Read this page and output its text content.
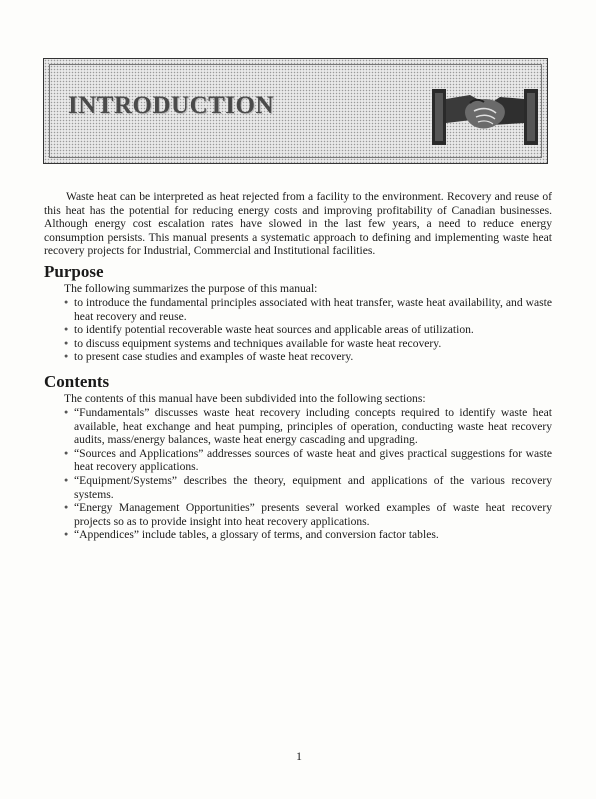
INTRODUCTION

Waste heat can be interpreted as heat rejected from a facility to the environment. Recovery and reuse of this heat has the potential for reducing energy costs and improving profitability of Canadian businesses. Although energy cost escalation rates have slowed in the last few years, a need to reduce energy consumption persists. This manual presents a systematic approach to defining and implementing waste heat recovery projects for Industrial, Commercial and Institutional facilities.

Purpose

The following summarizes the purpose of this manual:

● to introduce the fundamental principles associated with heat transfer, waste heat availability, and waste heat recovery and reuse.
● to identify potential recoverable waste heat sources and applicable areas of utilization.
● to discuss equipment systems and techniques available for waste heat recovery.
● to present case studies and examples of waste heat recovery.
Contents

The contents of this manual have been subdivided into the following sections:

● “Fundamentals” discusses waste heat recovery including concepts required to identify waste heat available, heat exchange and heat pumping, principles of operation, conducting waste heat recovery audits, mass/energy balances, waste heat energy cascading and upgrading.
● “Sources and Applications” addresses sources of waste heat and gives practical suggestions for waste heat recovery applications.
● “Equipment/Systems” describes the theory, equipment and applications of the various recovery systems.
● “Energy Management Opportunities” presents several worked examples of waste heat recovery projects so as to provide insight into heat recovery applications.
● “Appendices” include tables, a glossary of terms, and conversion factor tables.
1
